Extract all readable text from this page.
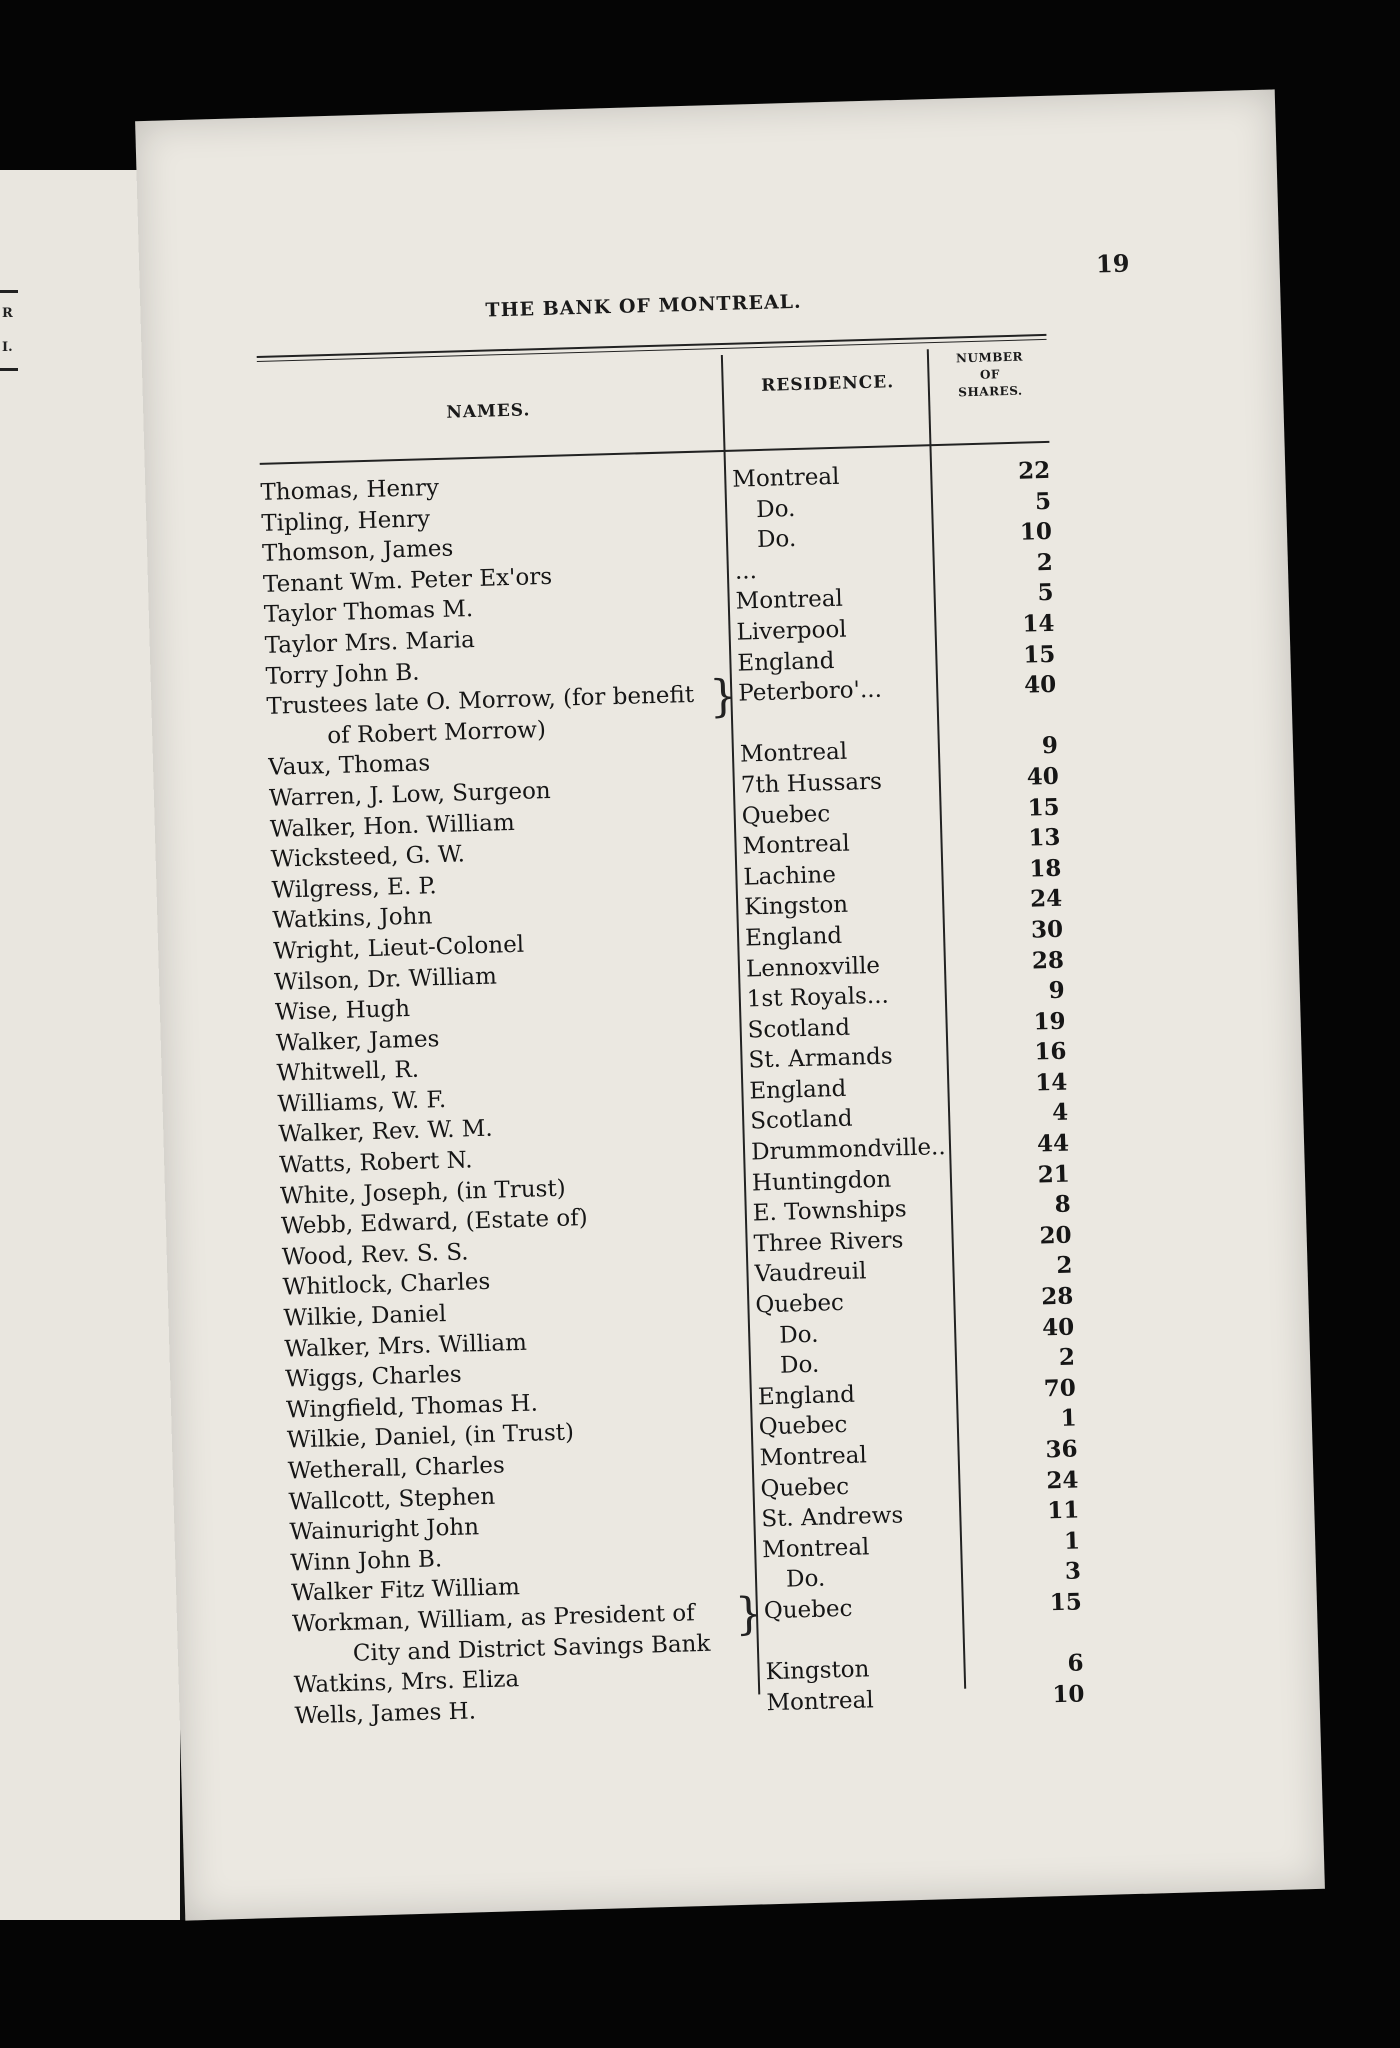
R
I.
19
THE BANK OF MONTREAL.
NAMES.
RESIDENCE.
NUMBER
OF
SHARES.
Thomas, Henry	Montreal	22
Tipling, Henry	Do.	5
Thomson, James	Do.	10
Tenant Wm. Peter Ex'ors	...	2
Taylor Thomas M.	Montreal	5
Taylor Mrs. Maria	Liverpool	14
Torry John B.	England	15
Trustees late O. Morrow, (for benefit	Peterboro'...	40
of Robert Morrow)
Vaux, Thomas	Montreal	9
Warren, J. Low, Surgeon	7th Hussars	40
Walker, Hon. William	Quebec	15
Wicksteed, G. W.	Montreal	13
Wilgress, E. P.	Lachine	18
Watkins, John	Kingston	24
Wright, Lieut-Colonel	England	30
Wilson, Dr. William	Lennoxville	28
Wise, Hugh	1st Royals...	9
Walker, James	Scotland	19
Whitwell, R.	St. Armands	16
Williams, W. F.	England	14
Walker, Rev. W. M.	Scotland	4
Watts, Robert N.	Drummondville..	44
White, Joseph, (in Trust)	Huntingdon	21
Webb, Edward, (Estate of)	E. Townships	8
Wood, Rev. S. S.	Three Rivers	20
Whitlock, Charles	Vaudreuil	2
Wilkie, Daniel	Quebec	28
Walker, Mrs. William	Do.	40
Wiggs, Charles	Do.	2
Wingfield, Thomas H.	England	70
Wilkie, Daniel, (in Trust)	Quebec	1
Wetherall, Charles	Montreal	36
Wallcott, Stephen	Quebec	24
Wainuright John	St. Andrews	11
Winn John B.	Montreal	1
Walker Fitz William	Do.	3
Workman, William, as President of	Quebec	15
City and District Savings Bank
Watkins, Mrs. Eliza	Kingston	6
Wells, James H.	Montreal	10
}
}
